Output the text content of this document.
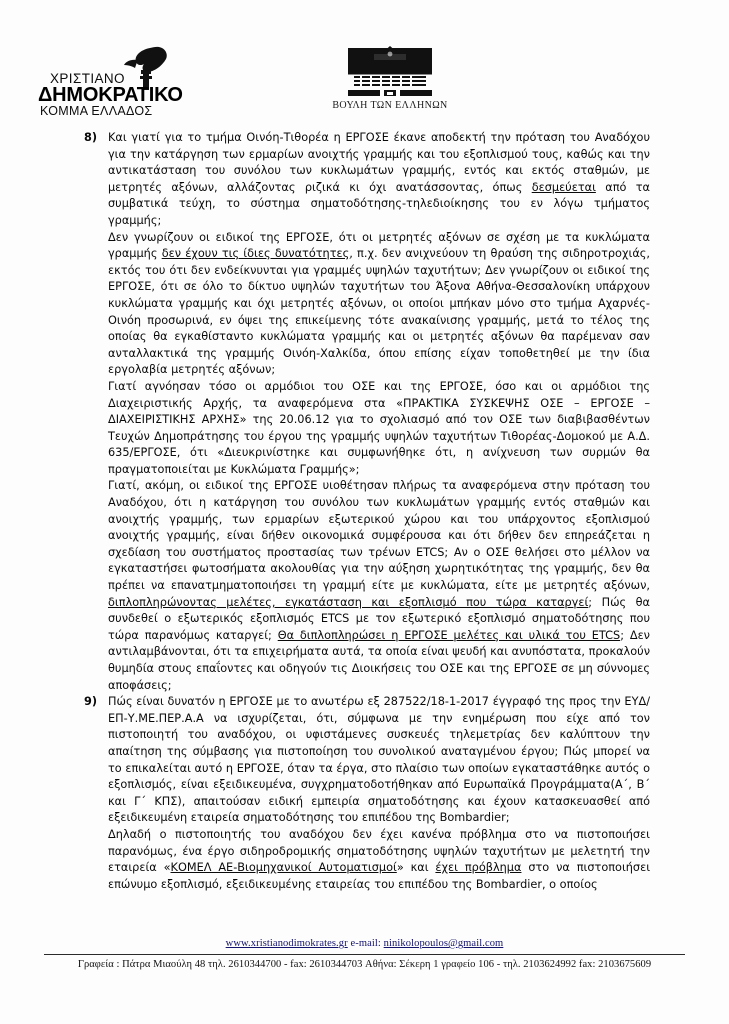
ΧΡΙΣΤΙΑΝΟ
ΔΗΜΟΚΡΑΤΙΚΟ
ΚΟΜΜΑ ΕΛΛΑΔΟΣ	ΒΟΥΛΗ ΤΩΝ ΕΛΛΗΝΩΝ
8) Και γιατί για το τμήμα Οινόη-Τιθορέα η ΕΡΓΟΣΕ έκανε αποδεκτή την πρόταση του Αναδόχου για την κατάργηση των ερμαρίων ανοιχτής γραμμής και του εξοπλισμού τους, καθώς και την αντικατάσταση του συνόλου των κυκλωμάτων γραμμής, εντός και εκτός σταθμών, με μετρητές αξόνων, αλλάζοντας ριζικά κι όχι ανατάσσοντας, όπως δεσμεύεται από τα συμβατικά τεύχη, το σύστημα σηματοδότησης-τηλεδιοίκησης του εν λόγω τμήματος γραμμής;

Δεν γνωρίζουν οι ειδικοί της ΕΡΓΟΣΕ, ότι οι μετρητές αξόνων σε σχέση με τα κυκλώματα γραμμής δεν έχουν τις ίδιες δυνατότητες, π.χ. δεν ανιχνεύουν τη θραύση της σιδηροτροχιάς, εκτός του ότι δεν ενδείκνυνται για γραμμές υψηλών ταχυτήτων; Δεν γνωρίζουν οι ειδικοί της ΕΡΓΟΣΕ, ότι σε όλο το δίκτυο υψηλών ταχυτήτων του Άξονα Αθήνα-Θεσσαλονίκη υπάρχουν κυκλώματα γραμμής και όχι μετρητές αξόνων, οι οποίοι μπήκαν μόνο στο τμήμα Αχαρνές-Οινόη προσωρινά, εν όψει της επικείμενης τότε ανακαίνισης γραμμής, μετά το τέλος της οποίας θα εγκαθίσταντο κυκλώματα γραμμής και οι μετρητές αξόνων θα παρέμεναν σαν ανταλλακτικά της γραμμής Οινόη-Χαλκίδα, όπου επίσης είχαν τοποθετηθεί με την ίδια εργολαβία μετρητές αξόνων;

Γιατί αγνόησαν τόσο οι αρμόδιοι του ΟΣΕ και της ΕΡΓΟΣΕ, όσο και οι αρμόδιοι της Διαχειριστικής Αρχής, τα αναφερόμενα στα «ΠΡΑΚΤΙΚΑ ΣΥΣΚΕΨΗΣ ΟΣΕ – ΕΡΓΟΣΕ – ΔΙΑΧΕΙΡΙΣΤΙΚΗΣ ΑΡΧΗΣ» της 20.06.12 για το σχολιασμό από τον ΟΣΕ των διαβιβασθέντων Τευχών Δημοπράτησης του έργου της γραμμής υψηλών ταχυτήτων Τιθορέας-Δομοκού με Α.Δ. 635/ΕΡΓΟΣΕ, ότι «Διευκρινίστηκε και συμφωνήθηκε ότι, η ανίχνευση των συρμών θα πραγματοποιείται με Κυκλώματα Γραμμής»;

Γιατί, ακόμη, οι ειδικοί της ΕΡΓΟΣΕ υιοθέτησαν πλήρως τα αναφερόμενα στην πρόταση του Αναδόχου, ότι η κατάργηση του συνόλου των κυκλωμάτων γραμμής εντός σταθμών και ανοιχτής γραμμής, των ερμαρίων εξωτερικού χώρου και του υπάρχοντος εξοπλισμού ανοιχτής γραμμής, είναι δήθεν οικονομικά συμφέρουσα και ότι δήθεν δεν επηρεάζεται η σχεδίαση του συστήματος προστασίας των τρένων ETCS; Αν ο ΟΣΕ θελήσει στο μέλλον να εγκαταστήσει φωτοσήματα ακολουθίας για την αύξηση χωρητικότητας της γραμμής, δεν θα πρέπει να επανατμηματοποιήσει τη γραμμή είτε με κυκλώματα, είτε με μετρητές αξόνων, διπλοπληρώνοντας μελέτες, εγκατάσταση και εξοπλισμό που τώρα καταργεί; Πώς θα συνδεθεί ο εξωτερικός εξοπλισμός ETCS με τον εξωτερικό εξοπλισμό σηματοδότησης που τώρα παρανόμως καταργεί; Θα διπλοπληρώσει η ΕΡΓΟΣΕ μελέτες και υλικά του ETCS; Δεν αντιλαμβάνονται, ότι τα επιχειρήματα αυτά, τα οποία είναι ψευδή και ανυπόστατα, προκαλούν θυμηδία στους επαΐοντες και οδηγούν τις Διοικήσεις του ΟΣΕ και της ΕΡΓΟΣΕ σε μη σύννομες αποφάσεις;

9) Πώς είναι δυνατόν η ΕΡΓΟΣΕ με το ανωτέρω εξ 287522/18-1-2017 έγγραφό της προς την ΕΥΔ/ΕΠ-Υ.ΜΕ.ΠΕΡ.Α.Α να ισχυρίζεται, ότι, σύμφωνα με την ενημέρωση που είχε από τον πιστοποιητή του αναδόχου, οι υφιστάμενες συσκευές τηλεμετρίας δεν καλύπτουν την απαίτηση της σύμβασης για πιστοποίηση του συνολικού αναταγμένου έργου; Πώς μπορεί να το επικαλείται αυτό η ΕΡΓΟΣΕ, όταν τα έργα, στο πλαίσιο των οποίων εγκαταστάθηκε αυτός ο εξοπλισμός, είναι εξειδικευμένα, συγχρηματοδοτήθηκαν από Ευρωπαϊκά Προγράμματα(Α΄, Β΄ και Γ΄ ΚΠΣ), απαιτούσαν ειδική εμπειρία σηματοδότησης και έχουν κατασκευασθεί από εξειδικευμένη εταιρεία σηματοδότησης του επιπέδου της Bombardier;

Δηλαδή ο πιστοποιητής του αναδόχου δεν έχει κανένα πρόβλημα στο να πιστοποιήσει παρανόμως, ένα έργο σιδηροδρομικής σηματοδότησης υψηλών ταχυτήτων με μελετητή την εταιρεία «ΚΟΜΕΛ ΑΕ-Βιομηχανικοί Αυτοματισμοί» και έχει πρόβλημα στο να πιστοποιήσει επώνυμο εξοπλισμό, εξειδικευμένης εταιρείας του επιπέδου της Bombardier, ο οποίος

www.xristianodimokrates.gr e-mail: ninikolopoulos@gmail.com
Γραφεία : Πάτρα Μιαούλη 48 τηλ. 2610344700 - fax: 2610344703 Αθήνα: Σέκερη 1 γραφείο 106 - τηλ. 2103624992 fax: 2103675609
